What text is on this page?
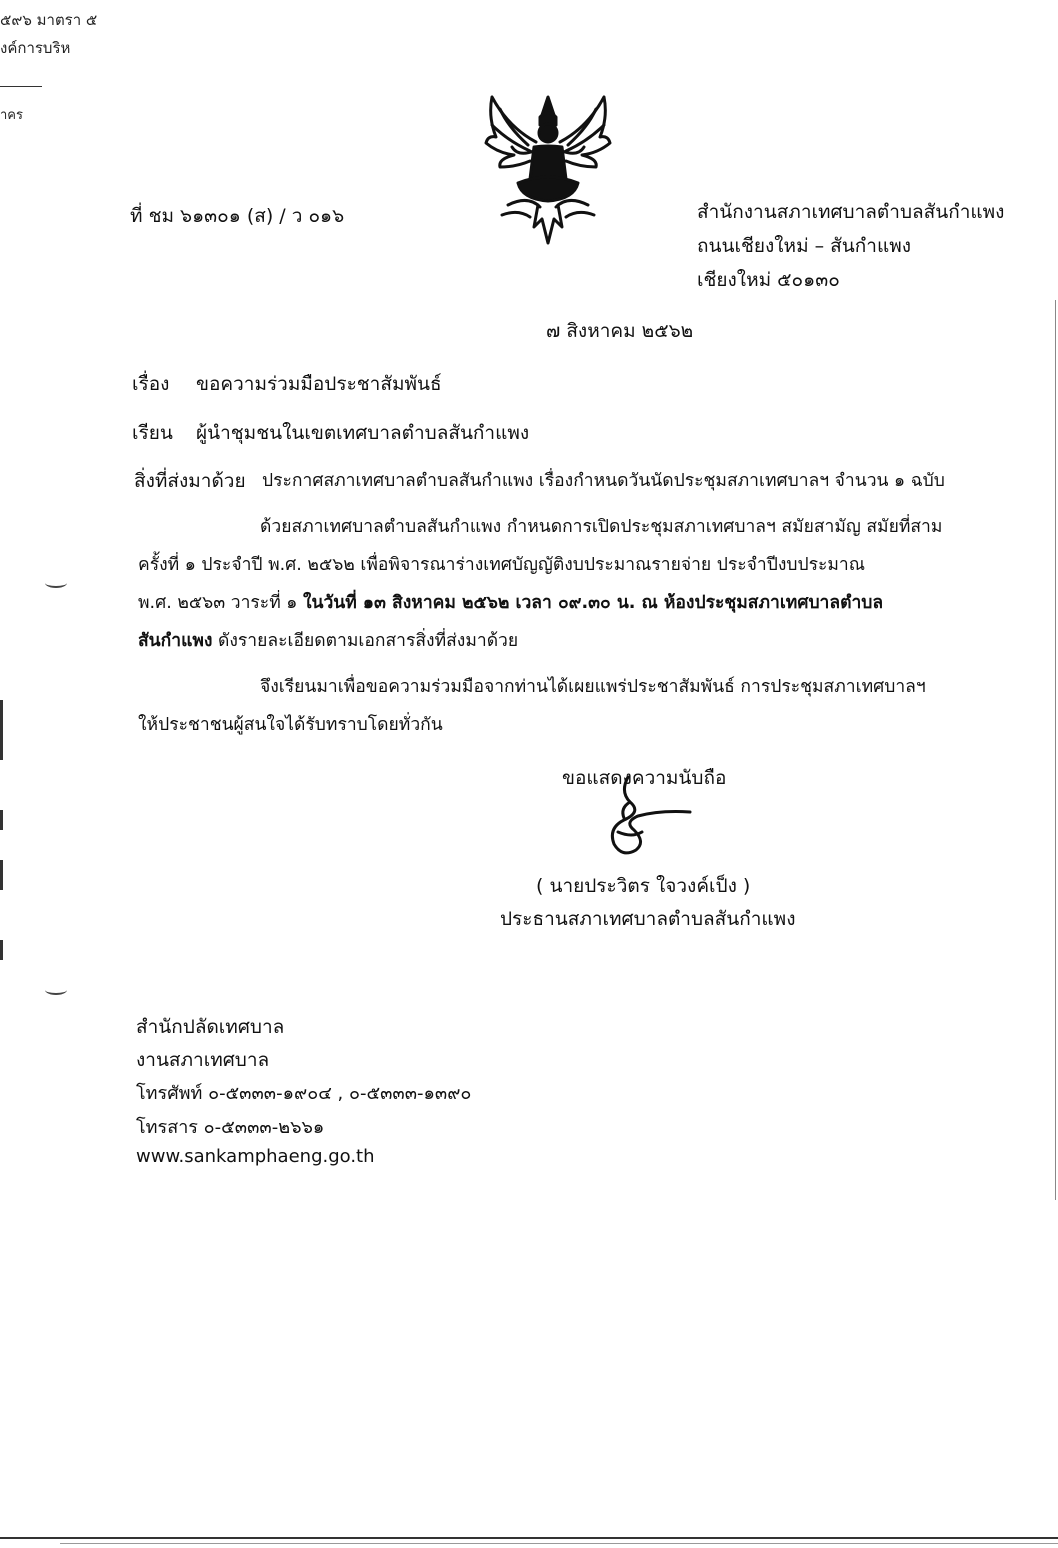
๕๙๖ มาตรา ๕
งค์การบริห
าคร
ที่ ชม ๖๑๓๐๑ (ส) / ว ๐๑๖	สำนักงานสภาเทศบาลตำบลสันกำแพง
ถนนเชียงใหม่ – สันกำแพง
เชียงใหม่ ๕๐๑๓๐
๗ สิงหาคม ๒๕๖๒
เรื่อง ขอความร่วมมือประชาสัมพันธ์
เรียน ผู้นำชุมชนในเขตเทศบาลตำบลสันกำแพง
สิ่งที่ส่งมาด้วย ประกาศสภาเทศบาลตำบลสันกำแพง เรื่องกำหนดวันนัดประชุมสภาเทศบาลฯ จำนวน ๑ ฉบับ
ด้วยสภาเทศบาลตำบลสันกำแพง กำหนดการเปิดประชุมสภาเทศบาลฯ สมัยสามัญ สมัยที่สาม
ครั้งที่ ๑ ประจำปี พ.ศ. ๒๕๖๒ เพื่อพิจารณาร่างเทศบัญญัติงบประมาณรายจ่าย ประจำปีงบประมาณ
พ.ศ. ๒๕๖๓ วาระที่ ๑ ในวันที่ ๑๓ สิงหาคม ๒๕๖๒ เวลา ๐๙.๓๐ น. ณ ห้องประชุมสภาเทศบาลตำบล
สันกำแพง ดังรายละเอียดตามเอกสารสิ่งที่ส่งมาด้วย
จึงเรียนมาเพื่อขอความร่วมมือจากท่านได้เผยแพร่ประชาสัมพันธ์ การประชุมสภาเทศบาลฯ
ให้ประชาชนผู้สนใจได้รับทราบโดยทั่วกัน
ขอแสดงความนับถือ
( นายประวิตร ใจวงค์เป็ง )
ประธานสภาเทศบาลตำบลสันกำแพง
สำนักปลัดเทศบาล
งานสภาเทศบาล
โทรศัพท์ ๐-๕๓๓๓-๑๙๐๔ , ๐-๕๓๓๓-๑๓๙๐
โทรสาร ๐-๕๓๓๓-๒๖๖๑
www.sankamphaeng.go.th
